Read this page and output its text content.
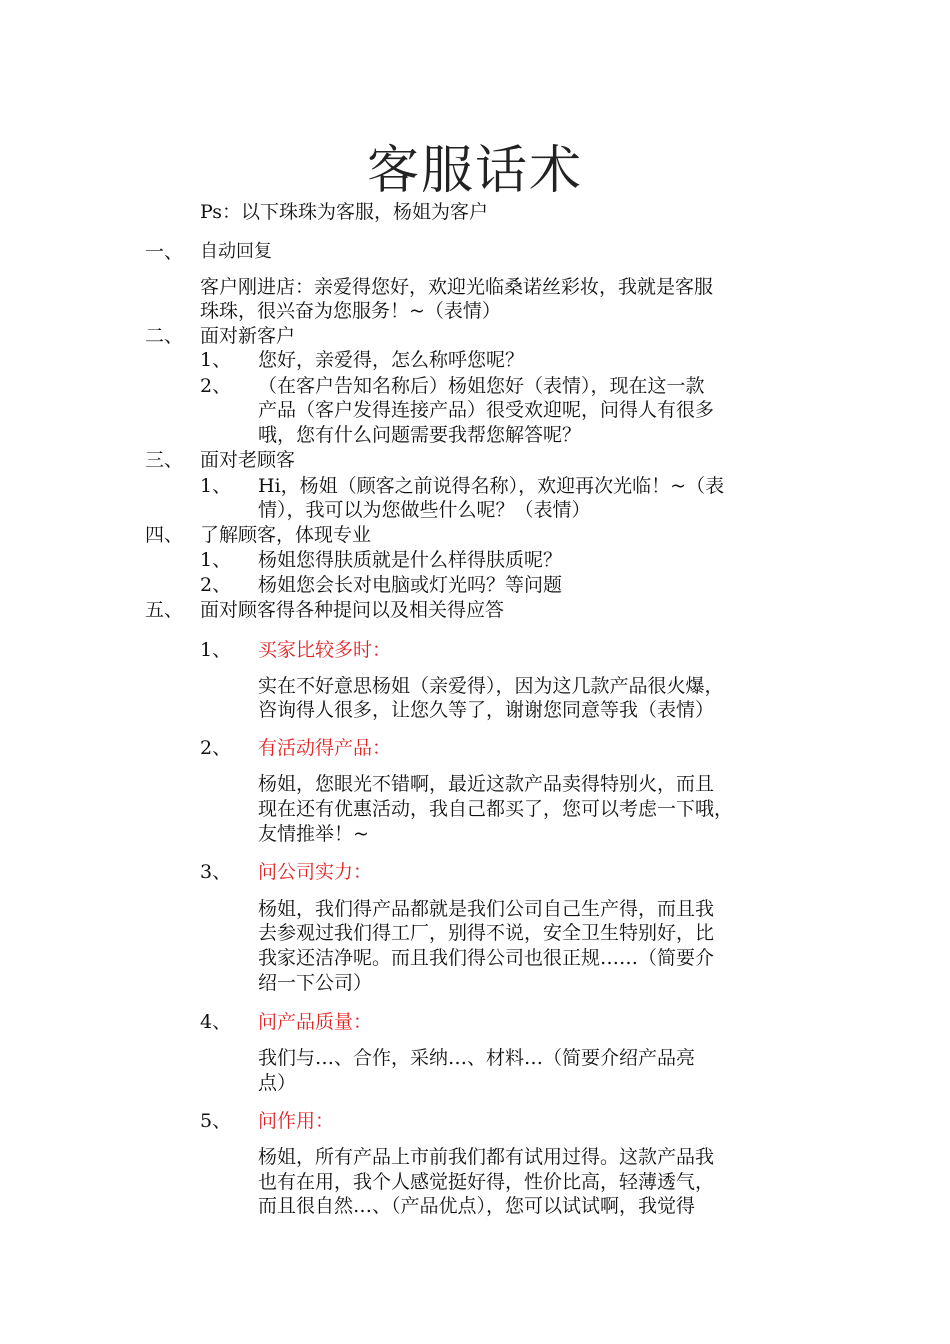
客服话术
Ps：以下珠珠为客服，杨姐为客户
一、 自动回复
客户刚进店：亲爱得您好，欢迎光临桑诺丝彩妆，我就是客服
珠珠，很兴奋为您服务！~（表情）
二、 面对新客户
1、 您好，亲爱得，怎么称呼您呢？
2、 （在客户告知名称后）杨姐您好（表情），现在这一款
产品（客户发得连接产品）很受欢迎呢，问得人有很多
哦，您有什么问题需要我帮您解答呢？
三、 面对老顾客
1、 Hi，杨姐（顾客之前说得名称），欢迎再次光临！~（表
情），我可以为您做些什么呢？（表情）
四、 了解顾客，体现专业
1、 杨姐您得肤质就是什么样得肤质呢？
2、 杨姐您会长对电脑或灯光吗？等问题
五、 面对顾客得各种提问以及相关得应答
1、 买家比较多时：
实在不好意思杨姐（亲爱得），因为这几款产品很火爆，
咨询得人很多，让您久等了，谢谢您同意等我（表情）
2、 有活动得产品：
杨姐，您眼光不错啊，最近这款产品卖得特别火，而且
现在还有优惠活动，我自己都买了，您可以考虑一下哦，
友情推举！~
3、 问公司实力：
杨姐，我们得产品都就是我们公司自己生产得，而且我
去参观过我们得工厂，别得不说，安全卫生特别好，比
我家还洁净呢。而且我们得公司也很正规……（简要介
绍一下公司）
4、 问产品质量：
我们与…、合作，采纳…、材料…（简要介绍产品亮
点）
5、 问作用：
杨姐，所有产品上市前我们都有试用过得。这款产品我
也有在用，我个人感觉挺好得，性价比高，轻薄透气，
而且很自然…、（产品优点），您可以试试啊，我觉得
